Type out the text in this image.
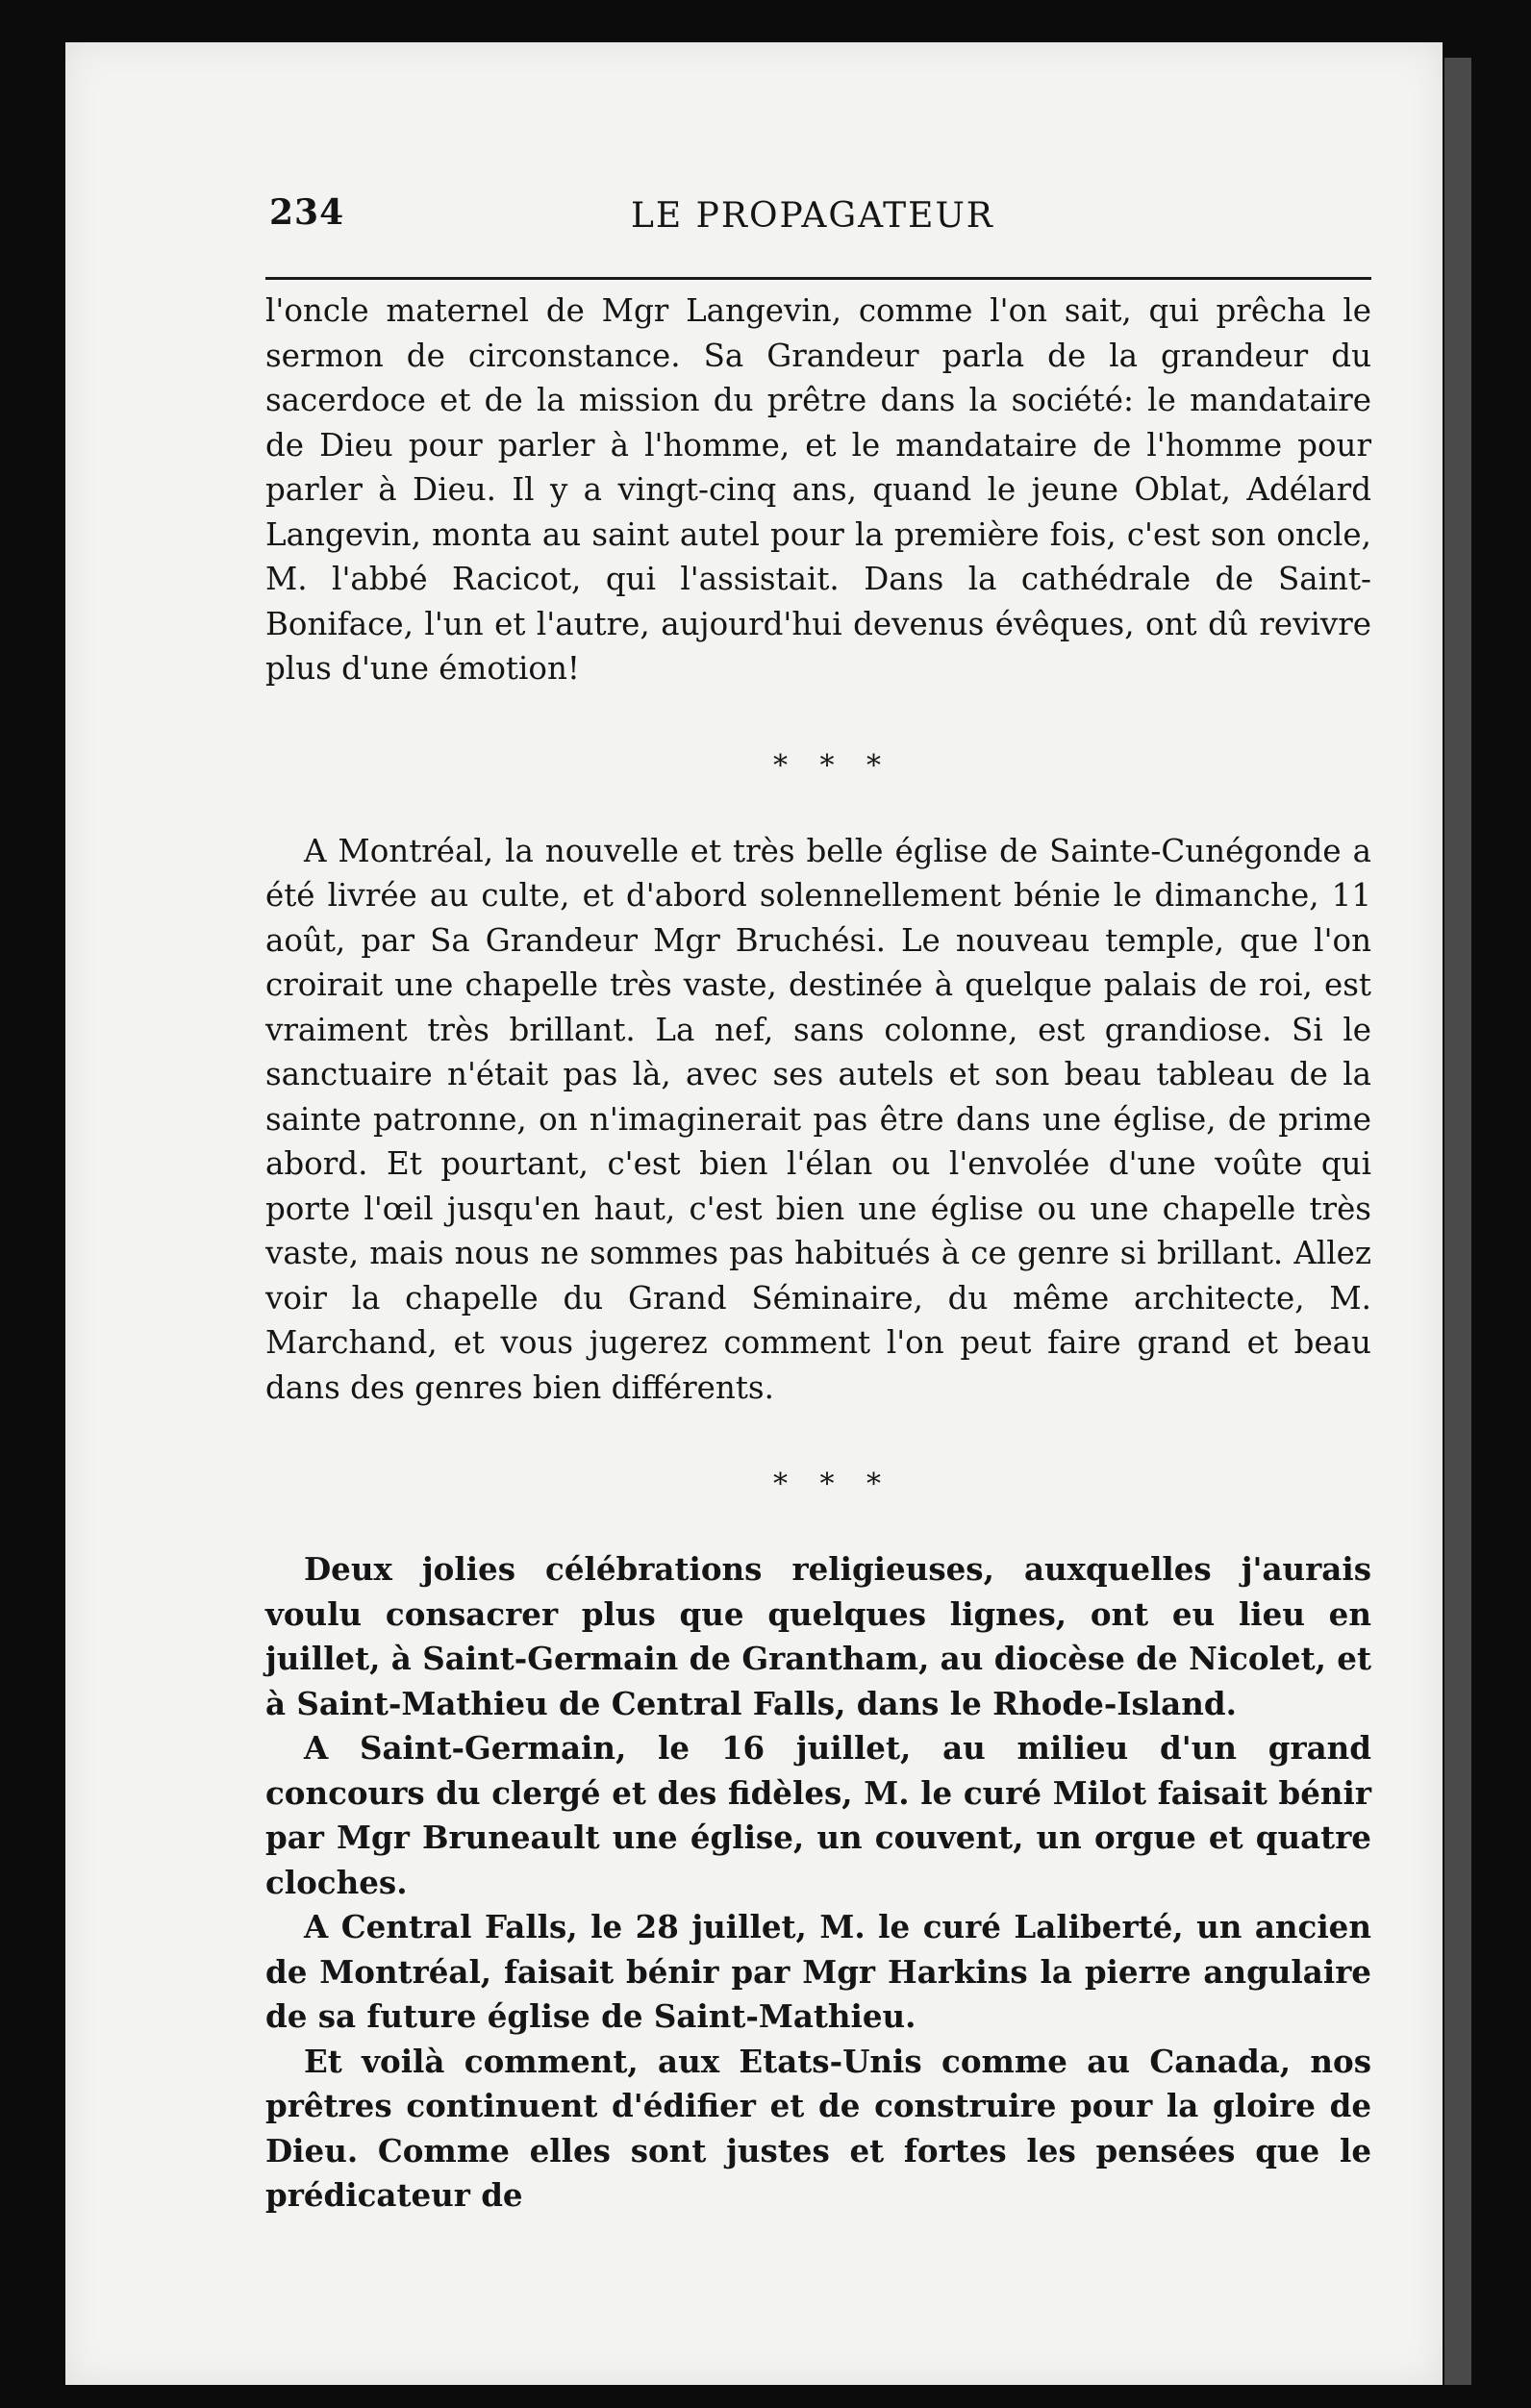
234	LE PROPAGATEUR

l'oncle maternel de Mgr Langevin, comme l'on sait, qui prêcha le sermon de circonstance. Sa Grandeur parla de la grandeur du sacerdoce et de la mission du prêtre dans la société: le mandataire de Dieu pour parler à l'homme, et le mandataire de l'homme pour parler à Dieu. Il y a vingt-cinq ans, quand le jeune Oblat, Adélard Langevin, monta au saint autel pour la première fois, c'est son oncle, M. l'abbé Racicot, qui l'assistait. Dans la cathédrale de Saint-Boniface, l'un et l'autre, aujourd'hui devenus évêques, ont dû revivre plus d'une émotion!

* * *

A Montréal, la nouvelle et très belle église de Sainte-Cunégonde a été livrée au culte, et d'abord solennellement bénie le dimanche, 11 août, par Sa Grandeur Mgr Bruchési. Le nouveau temple, que l'on croirait une chapelle très vaste, destinée à quelque palais de roi, est vraiment très brillant. La nef, sans colonne, est grandiose. Si le sanctuaire n'était pas là, avec ses autels et son beau tableau de la sainte patronne, on n'imaginerait pas être dans une église, de prime abord. Et pourtant, c'est bien l'élan ou l'envolée d'une voûte qui porte l'œil jusqu'en haut, c'est bien une église ou une chapelle très vaste, mais nous ne sommes pas habitués à ce genre si brillant. Allez voir la chapelle du Grand Séminaire, du même architecte, M. Marchand, et vous jugerez comment l'on peut faire grand et beau dans des genres bien différents.

* * *

Deux jolies célébrations religieuses, auxquelles j'aurais voulu consacrer plus que quelques lignes, ont eu lieu en juillet, à Saint-Germain de Grantham, au diocèse de Nicolet, et à Saint-Mathieu de Central Falls, dans le Rhode-Island.

A Saint-Germain, le 16 juillet, au milieu d'un grand concours du clergé et des fidèles, M. le curé Milot faisait bénir par Mgr Bruneault une église, un couvent, un orgue et quatre cloches.

A Central Falls, le 28 juillet, M. le curé Laliberté, un ancien de Montréal, faisait bénir par Mgr Harkins la pierre angulaire de sa future église de Saint-Mathieu.

Et voilà comment, aux Etats-Unis comme au Canada, nos prêtres continuent d'édifier et de construire pour la gloire de Dieu. Comme elles sont justes et fortes les pensées que le prédicateur de
